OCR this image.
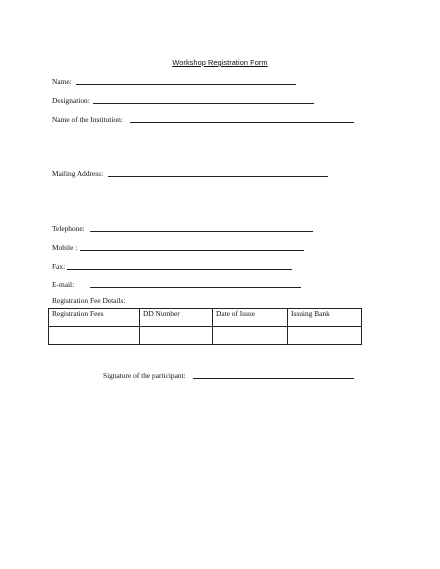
Workshop Registration Form
Name:
Designation:
Name of the Institution:
Mailing Address:
Telephone:
Mobile :
Fax:
E-mail:
Registration Fee Details:
Registration Fees	DD Number	Date of Issue	Issuing Bank

Signature of the participant:
